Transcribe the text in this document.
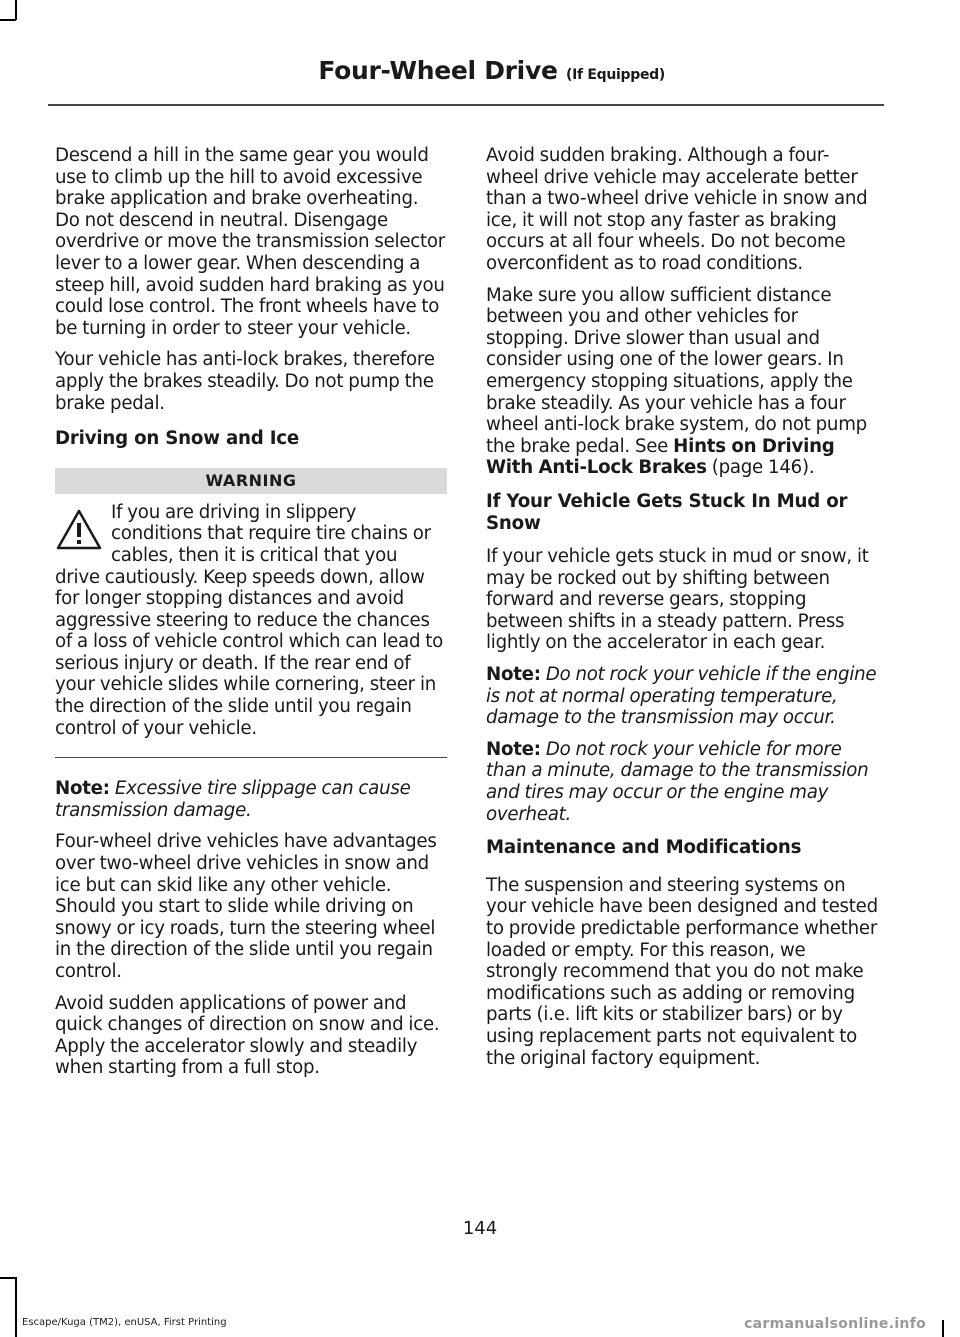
Four-Wheel Drive (If Equipped)

Descend a hill in the same gear you would use to climb up the hill to avoid excessive brake application and brake overheating. Do not descend in neutral. Disengage overdrive or move the transmission selector lever to a lower gear. When descending a steep hill, avoid sudden hard braking as you could lose control. The front wheels have to be turning in order to steer your vehicle.

Your vehicle has anti-lock brakes, therefore apply the brakes steadily. Do not pump the brake pedal.

Driving on Snow and Ice
WARNING
If you are driving in slippery conditions that require tire chains or cables, then it is critical that you drive cautiously. Keep speeds down, allow for longer stopping distances and avoid aggressive steering to reduce the chances of a loss of vehicle control which can lead to serious injury or death. If the rear end of your vehicle slides while cornering, steer in the direction of the slide until you regain control of your vehicle.

Note: Excessive tire slippage can cause transmission damage.

Four-wheel drive vehicles have advantages over two-wheel drive vehicles in snow and ice but can skid like any other vehicle. Should you start to slide while driving on snowy or icy roads, turn the steering wheel in the direction of the slide until you regain control.

Avoid sudden applications of power and quick changes of direction on snow and ice. Apply the accelerator slowly and steadily when starting from a full stop.

Avoid sudden braking. Although a four-wheel drive vehicle may accelerate better than a two-wheel drive vehicle in snow and ice, it will not stop any faster as braking occurs at all four wheels. Do not become overconfident as to road conditions.

Make sure you allow sufficient distance between you and other vehicles for stopping. Drive slower than usual and consider using one of the lower gears. In emergency stopping situations, apply the brake steadily. As your vehicle has a four wheel anti-lock brake system, do not pump the brake pedal. See Hints on Driving With Anti-Lock Brakes (page 146).

If Your Vehicle Gets Stuck In Mud or Snow

If your vehicle gets stuck in mud or snow, it may be rocked out by shifting between forward and reverse gears, stopping between shifts in a steady pattern. Press lightly on the accelerator in each gear.

Note: Do not rock your vehicle if the engine is not at normal operating temperature, damage to the transmission may occur.

Note: Do not rock your vehicle for more than a minute, damage to the transmission and tires may occur or the engine may overheat.

Maintenance and Modifications

The suspension and steering systems on your vehicle have been designed and tested to provide predictable performance whether loaded or empty. For this reason, we strongly recommend that you do not make modifications such as adding or removing parts (i.e. lift kits or stabilizer bars) or by using replacement parts not equivalent to the original factory equipment.

144
Escape/Kuga (TM2), enUSA, First Printing	carmanualsonline.info
